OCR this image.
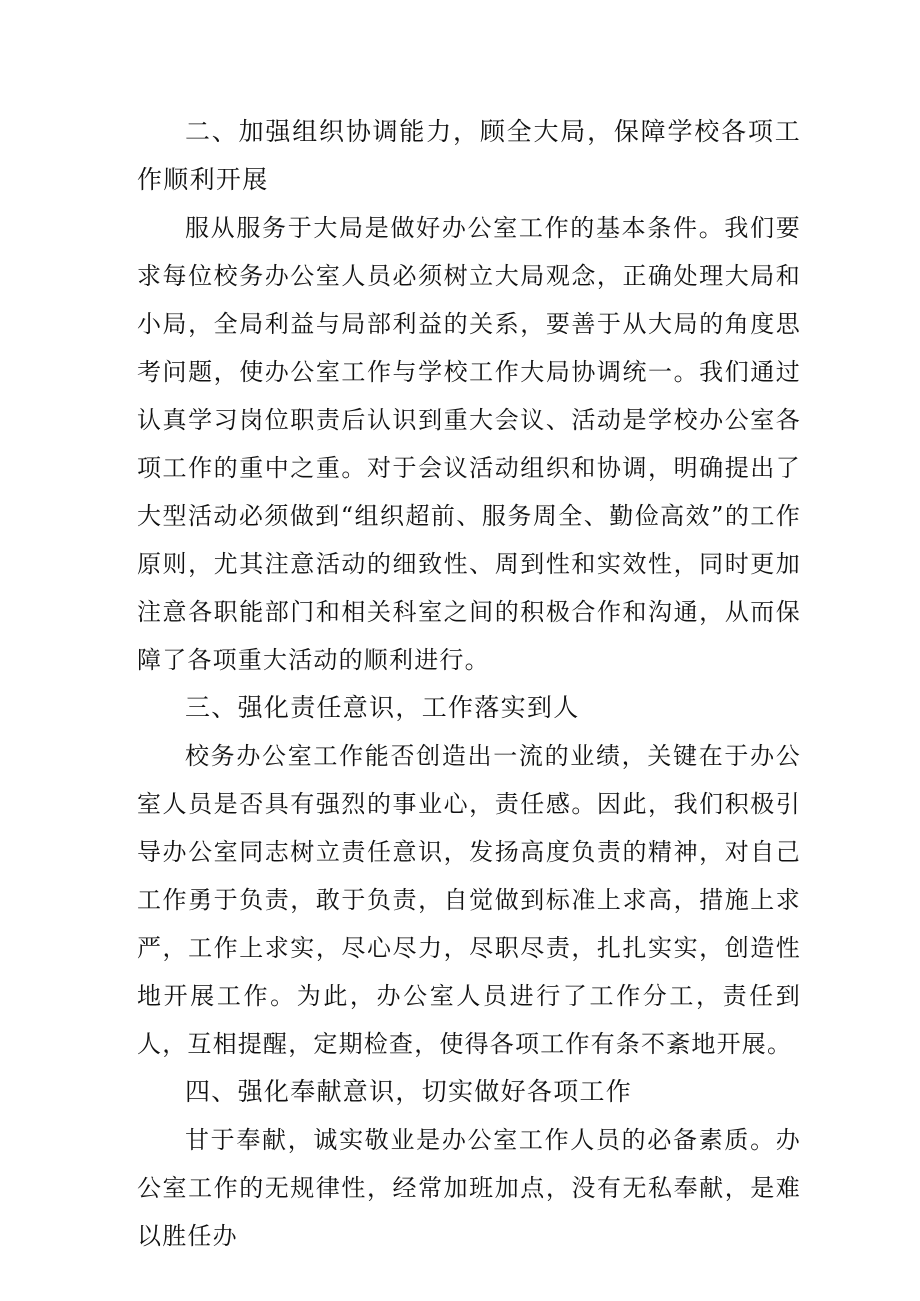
二、加强组织协调能力，顾全大局，保障学校各项工作顺利开展

服从服务于大局是做好办公室工作的基本条件。我们要求每位校务办公室人员必须树立大局观念，正确处理大局和小局，全局利益与局部利益的关系，要善于从大局的角度思考问题，使办公室工作与学校工作大局协调统一。我们通过认真学习岗位职责后认识到重大会议、活动是学校办公室各项工作的重中之重。对于会议活动组织和协调，明确提出了大型活动必须做到“组织超前、服务周全、勤俭高效”的工作原则，尤其注意活动的细致性、周到性和实效性，同时更加注意各职能部门和相关科室之间的积极合作和沟通，从而保障了各项重大活动的顺利进行。

三、强化责任意识，工作落实到人

校务办公室工作能否创造出一流的业绩，关键在于办公室人员是否具有强烈的事业心，责任感。因此，我们积极引导办公室同志树立责任意识，发扬高度负责的精神，对自己工作勇于负责，敢于负责，自觉做到标准上求高，措施上求严，工作上求实，尽心尽力，尽职尽责，扎扎实实，创造性地开展工作。为此，办公室人员进行了工作分工，责任到人，互相提醒，定期检查，使得各项工作有条不紊地开展。

四、强化奉献意识，切实做好各项工作

甘于奉献，诚实敬业是办公室工作人员的必备素质。办公室工作的无规律性，经常加班加点，没有无私奉献，是难以胜任办
